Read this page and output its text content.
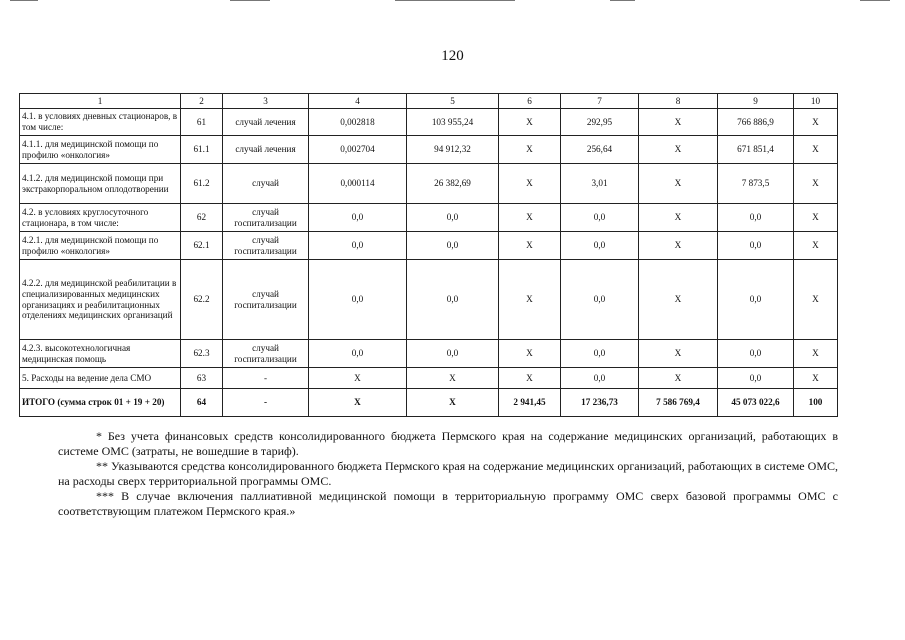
120
1	2	3	4	5	6	7	8	9	10
4.1. в условиях дневных стационаров, в том числе:	61	случай лечения	0,002818	103 955,24	X	292,95	X	766 886,9	X
4.1.1. для медицинской помощи по профилю «онкология»	61.1	случай лечения	0,002704	94 912,32	X	256,64	X	671 851,4	X
4.1.2. для медицинской помощи при экстракорпоральном оплодотворении	61.2	случай	0,000114	26 382,69	X	3,01	X	7 873,5	X
4.2. в условиях круглосуточного стационара, в том числе:	62	случай госпитализации	0,0	0,0	X	0,0	X	0,0	X
4.2.1. для медицинской помощи по профилю «онкология»	62.1	случай госпитализации	0,0	0,0	X	0,0	X	0,0	X
4.2.2. для медицинской реабилитации в специализированных медицинских организациях и реабилитационных отделениях медицинских организаций	62.2	случай госпитализации	0,0	0,0	X	0,0	X	0,0	X
4.2.3. высокотехнологичная медицинская помощь	62.3	случай госпитализации	0,0	0,0	X	0,0	X	0,0	X
5. Расходы на ведение дела СМО	63	-	X	X	X	0,0	X	0,0	X
ИТОГО (сумма строк 01 + 19 + 20)	64	-	X	X	2 941,45	17 236,73	7 586 769,4	45 073 022,6	100

* Без учета финансовых средств консолидированного бюджета Пермского края на содержание медицинских организаций, работающих в системе ОМС (затраты, не вошедшие в тариф).

** Указываются средства консолидированного бюджета Пермского края на содержание медицинских организаций, работающих в системе ОМС, на расходы сверх территориальной программы ОМС.

*** В случае включения паллиативной медицинской помощи в территориальную программу ОМС сверх базовой программы ОМС с соответствующим платежом Пермского края.»
